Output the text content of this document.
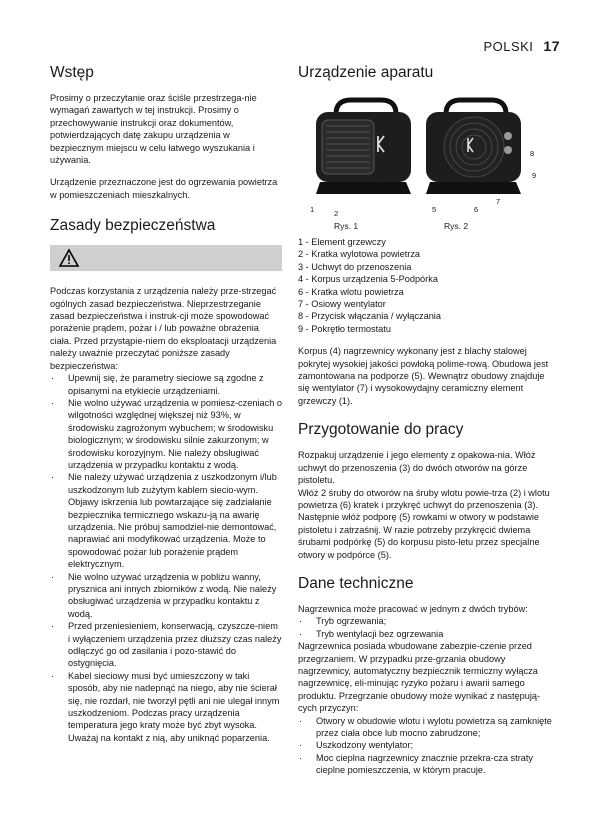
POLSKI 17
Wstęp

Prosimy o przeczytanie oraz ściśle przestrzega-nie wymagań zawartych w tej instrukcji. Prosimy o przechowywanie instrukcji oraz dokumentów, potwierdzających datę zakupu urządzenia w bezpiecznym miejscu w celu łatwego wyszukania i używania.

Urządzenie przeznaczone jest do ogrzewania powietrza w pomieszczeniach mieszkalnych.

Zasady bezpieczeństwa

Podczas korzystania z urządzenia należy prze-strzegać ogólnych zasad bezpieczeństwa. Nieprzestrzeganie zasad bezpieczeństwa i instruk-cji może spowodować porażenie prądem, pożar i / lub poważne obrażenia ciała. Przed przystąpie-niem do eksploatacji urządzenia należy uważnie przeczytać poniższe zasady bezpieczeństwa:

· Upewnij się, że parametry sieciowe są zgodne z opisanymi na etykiecie urządzeniami.
· Nie wolno używać urządzenia w pomiesz-czeniach o wilgotności względnej większej niż 93%, w środowisku zagrożonym wybuchem; w środowisku biologicznym; w środowisku silnie zakurzonym; w środowisku korozyjnym. Nie należy obsługiwać urządzenia w przypadku kontaktu z wodą.
· Nie należy używać urządzenia z uszkodzonym i/lub uszkodzonym lub zużytym kablem siecio-wym. Objawy iskrzenia lub powtarzające się zadziałanie bezpiecznika termicznego wskazu-ją na awarię urządzenia. Nie próbuj samodziel-nie demontować, naprawiać ani modyfikować urządzenia. Może to spowodować pożar lub porażenie prądem elektrycznym.
· Nie wolno używać urządzenia w pobliżu wanny, prysznica ani innych zbiorników z wodą. Nie należy obsługiwać urządzenia w przypadku kontaktu z wodą.
· Przed przeniesieniem, konserwacją, czyszcze-niem i wyłączeniem urządzenia przez dłuższy czas należy odłączyć go od zasilania i pozo-stawić do ostygnięcia.
· Kabel sieciowy musi być umieszczony w taki sposób, aby nie nadepnąć na niego, aby nie ścierał się, nie rozdarł, nie tworzył pętli ani nie ulegał innym uszkodzeniom. Podczas pracy urządzenia temperatura jego kraty może być zbyt wysoka. Uważaj na kontakt z nią, aby uniknąć poparzenia.
Urządzenie aparatu
3
4
1	2
Rys. 1
8
9
5	6
7
Rys. 2
1 - Element grzewczy
2 - Kratka wylotowa powietrza
3 - Uchwyt do przenoszenia
4 - Korpus urządzenia 5-Podpórka
6 - Kratka wlotu powietrza
7 - Osiowy wentylator
8 - Przycisk włączania / wyłączania
9 - Pokrętło termostatu

Korpus (4) nagrzewnicy wykonany jest z blachy stalowej pokrytej wysokiej jakości powłoką polime-rową. Obudowa jest zamontowana na podporze (5). Wewnątrz obudowy znajduje się wentylator (7) i wysokowydajny ceramiczny element grzewczy (1).

Przygotowanie do pracy

Rozpakuj urządzenie i jego elementy z opakowa-nia. Włóż uchwyt do przenoszenia (3) do dwóch otworów na górze pistoletu.

Włóż 2 śruby do otworów na śruby wlotu powie-trza (2) i wlotu powietrza (6) kratek i przykręć uchwyt do przenoszenia (3). Następnie włóż podporę (5) rowkami w otwory w podstawie pistoletu i zatrzaśnij. W razie potrzeby przykręcić dwiema śrubami podpórkę (5) do korpusu pisto-letu przez specjalne otwory w podpórce (5).

Dane techniczne

Nagrzewnica może pracować w jednym z dwóch trybów:

· Tryb ogrzewania;
· Tryb wentylacji bez ogrzewania

Nagrzewnica posiada wbudowane zabezpie-czenie przed przegrzaniem. W przypadku prze-grzania obudowy nagrzewnicy, automatyczny bezpiecznik termiczny wyłącza nagrzewnicę, eli-minując ryzyko pożaru i awarii samego produktu. Przegrzanie obudowy może wynikać z następują-cych przyczyn:

· Otwory w obudowie wlotu i wylotu powietrza są zamknięte przez ciała obce lub mocno zabrudzone;
· Uszkodzony wentylator;
· Moc cieplna nagrzewnicy znacznie przekra-cza straty cieplne pomieszczenia, w którym pracuje.
